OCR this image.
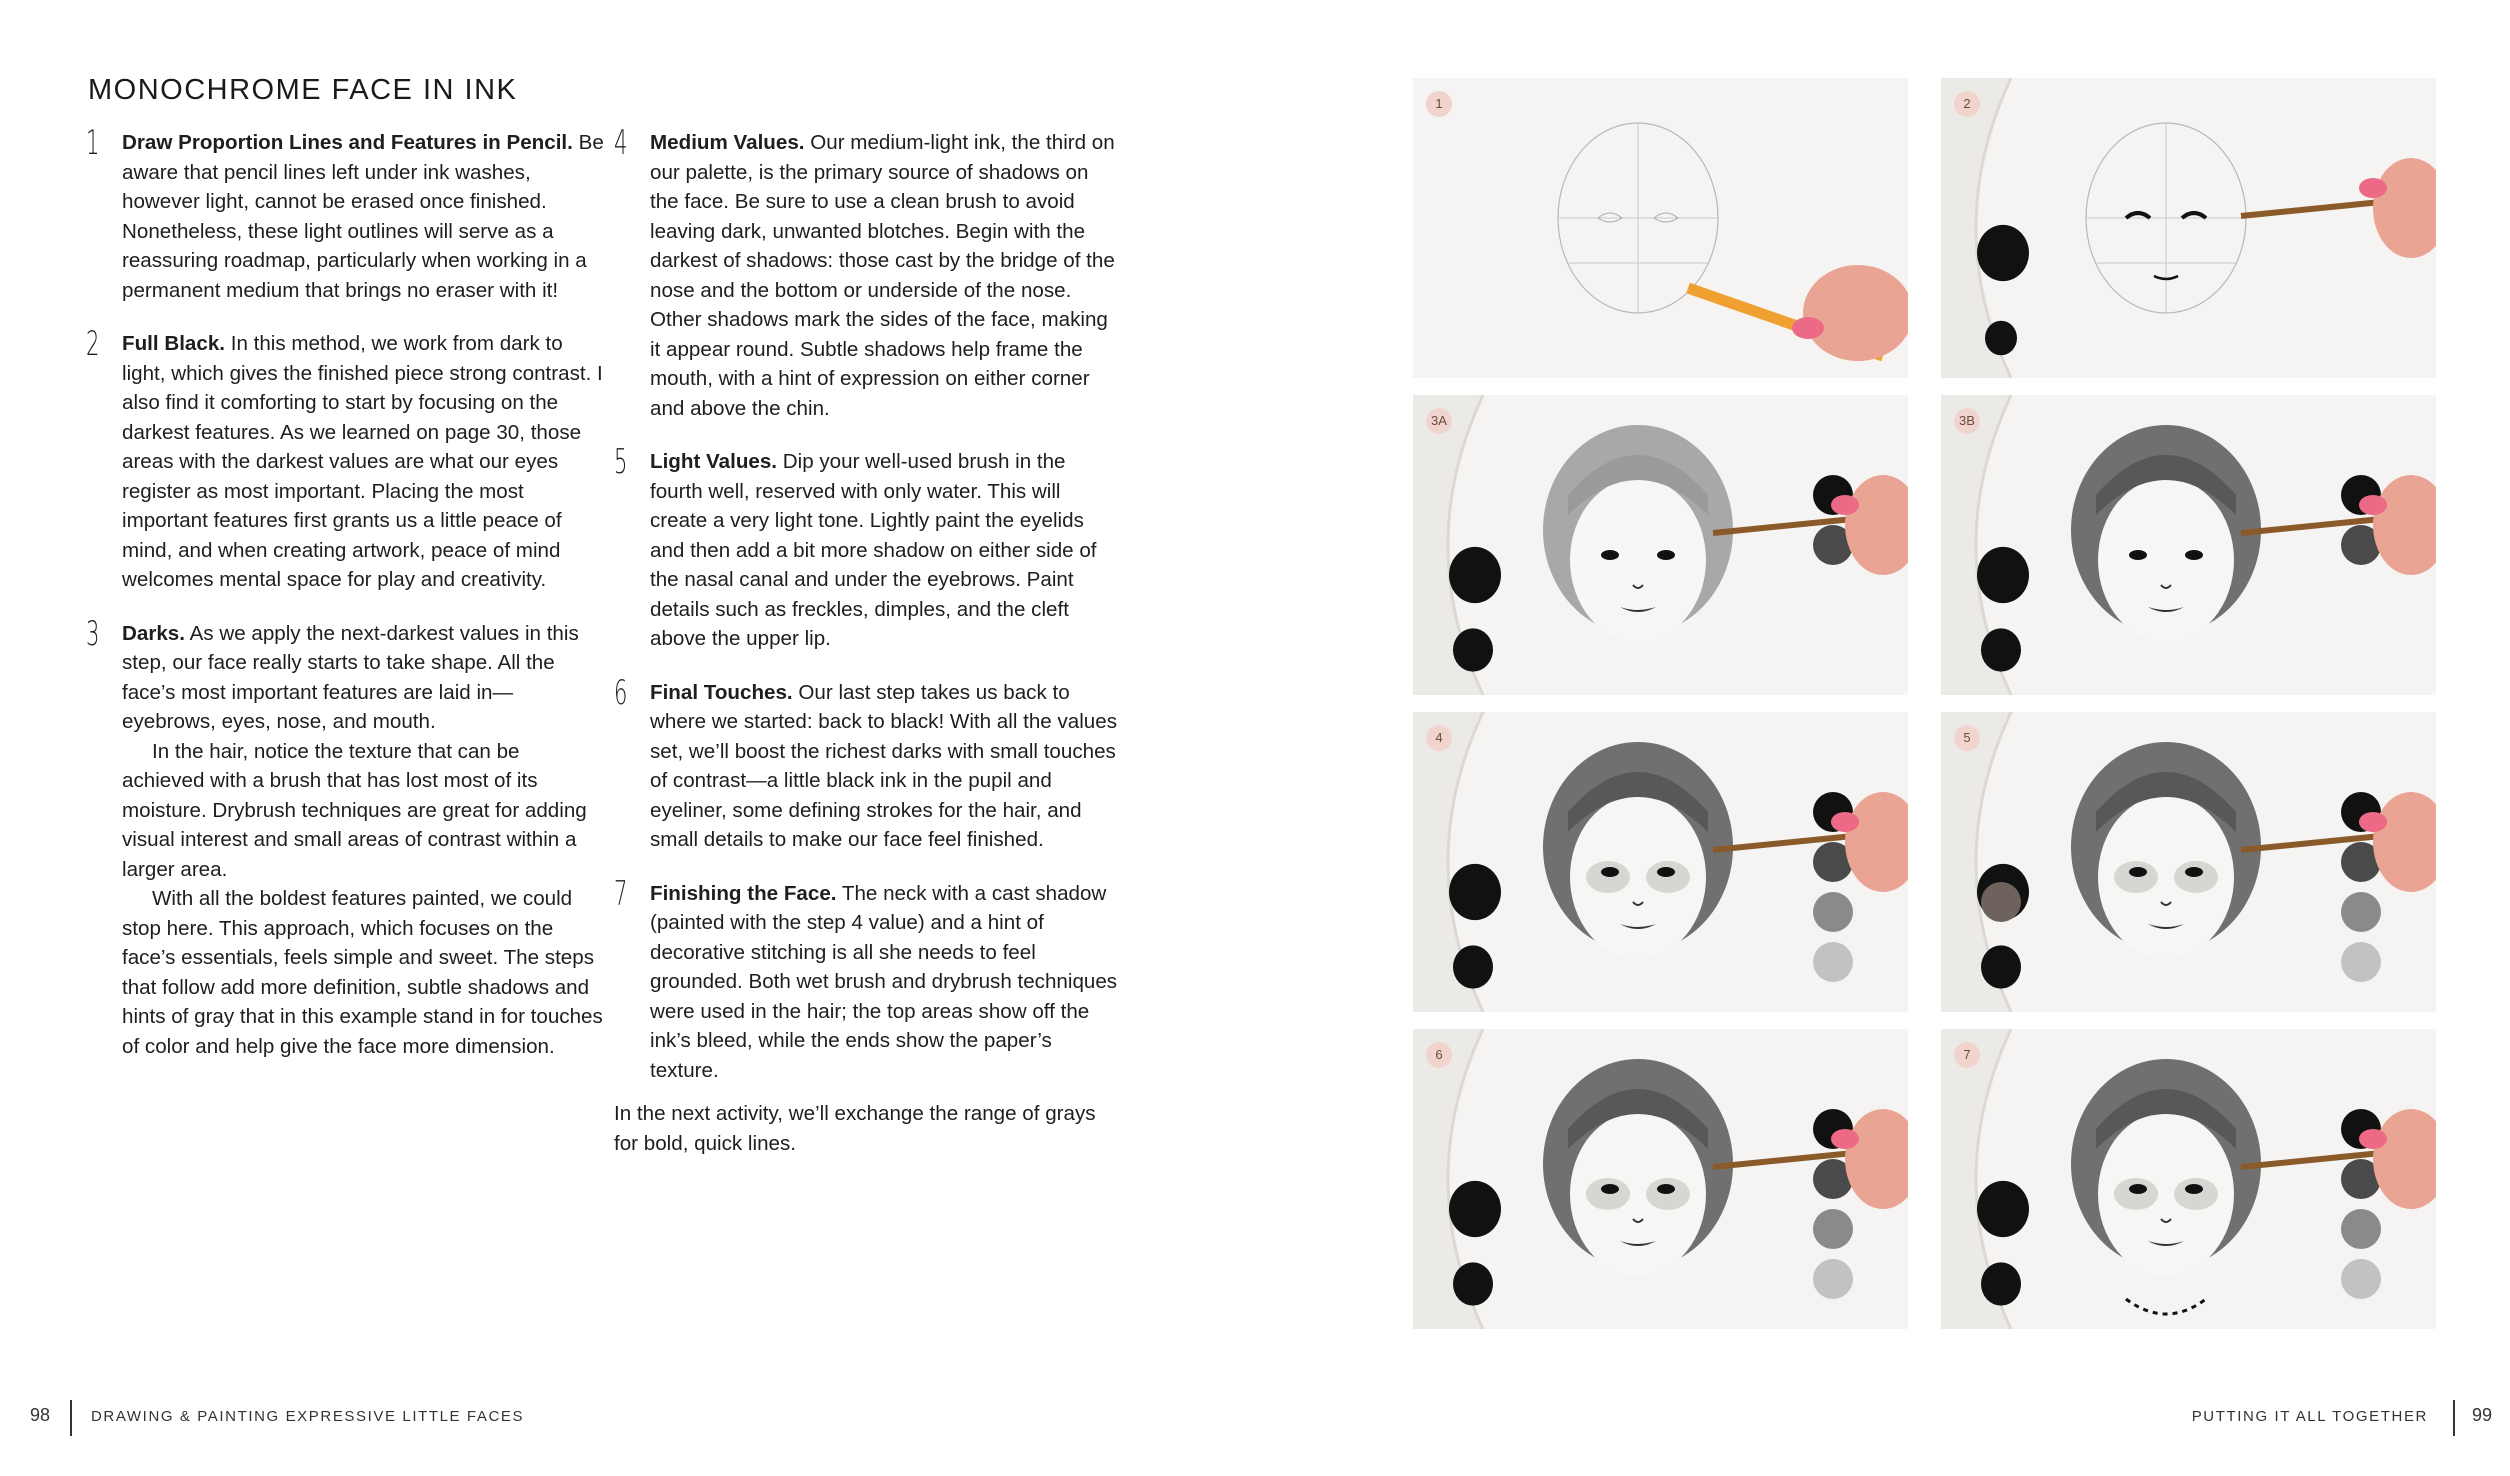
MONOCHROME FACE IN INK
1 Draw Proportion Lines and Features in Pencil. Be aware that pencil lines left under ink washes, however light, cannot be erased once finished. Nonetheless, these light outlines will serve as a reassuring roadmap, particularly when working in a permanent medium that brings no eraser with it!

2 Full Black. In this method, we work from dark to light, which gives the finished piece strong contrast. I also find it comforting to start by focusing on the darkest features. As we learned on page 30, those areas with the darkest values are what our eyes register as most important. Placing the most important features first grants us a little peace of mind, and when creating artwork, peace of mind welcomes mental space for play and creativity.

3 Darks. As we apply the next-darkest values in this step, our face really starts to take shape. All the face’s most important features are laid in—eyebrows, eyes, nose, and mouth.

In the hair, notice the texture that can be achieved with a brush that has lost most of its moisture. Drybrush techniques are great for adding visual interest and small areas of contrast within a larger area.

With all the boldest features painted, we could stop here. This approach, which focuses on the face’s essentials, feels simple and sweet. The steps that follow add more definition, subtle shadows and hints of gray that in this example stand in for touches of color and help give the face more dimension.

4 Medium Values. Our medium-light ink, the third on our palette, is the primary source of shadows on the face. Be sure to use a clean brush to avoid leaving dark, unwanted blotches. Begin with the darkest of shadows: those cast by the bridge of the nose and the bottom or underside of the nose. Other shadows mark the sides of the face, making it appear round. Subtle shadows help frame the mouth, with a hint of expression on either corner and above the chin.

5 Light Values. Dip your well-used brush in the fourth well, reserved with only water. This will create a very light tone. Lightly paint the eyelids and then add a bit more shadow on either side of the nasal canal and under the eyebrows. Paint details such as freckles, dimples, and the cleft above the upper lip.

6 Final Touches. Our last step takes us back to where we started: back to black! With all the values set, we’ll boost the richest darks with small touches of contrast—a little black ink in the pupil and eyeliner, some defining strokes for the hair, and small details to make our face feel finished.

7 Finishing the Face. The neck with a cast shadow (painted with the step 4 value) and a hint of decorative stitching is all she needs to feel grounded. Both wet brush and drybrush techniques were used in the hair; the top areas show off the ink’s bleed, while the ends show the paper’s texture.

In the next activity, we’ll exchange the range of grays for bold, quick lines.

1	2
3A	3B
4	5
6	7
98	DRAWING & PAINTING EXPRESSIVE LITTLE FACES	PUTTING IT ALL TOGETHER 99
